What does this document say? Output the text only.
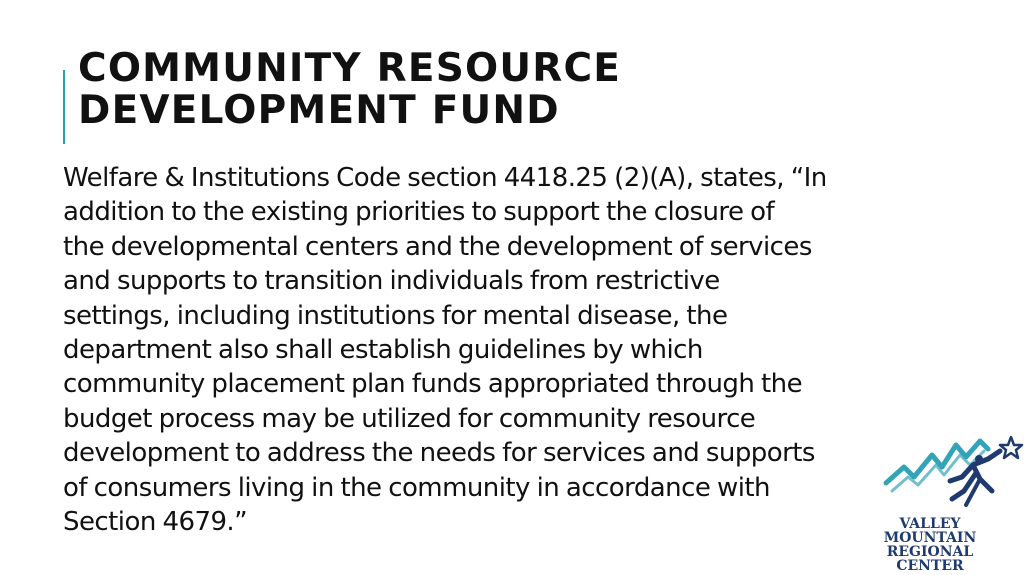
COMMUNITY RESOURCE
DEVELOPMENT FUND
Welfare & Institutions Code section 4418.25 (2)(A), states, “In
addition to the existing priorities to support the closure of
the developmental centers and the development of services
and supports to transition individuals from restrictive
settings, including institutions for mental disease, the
department also shall establish guidelines by which
community placement plan funds appropriated through the
budget process may be utilized for community resource
development to address the needs for services and supports
of consumers living in the community in accordance with
Section 4679.”	VALLEY
MOUNTAIN
REGIONAL
CENTER
